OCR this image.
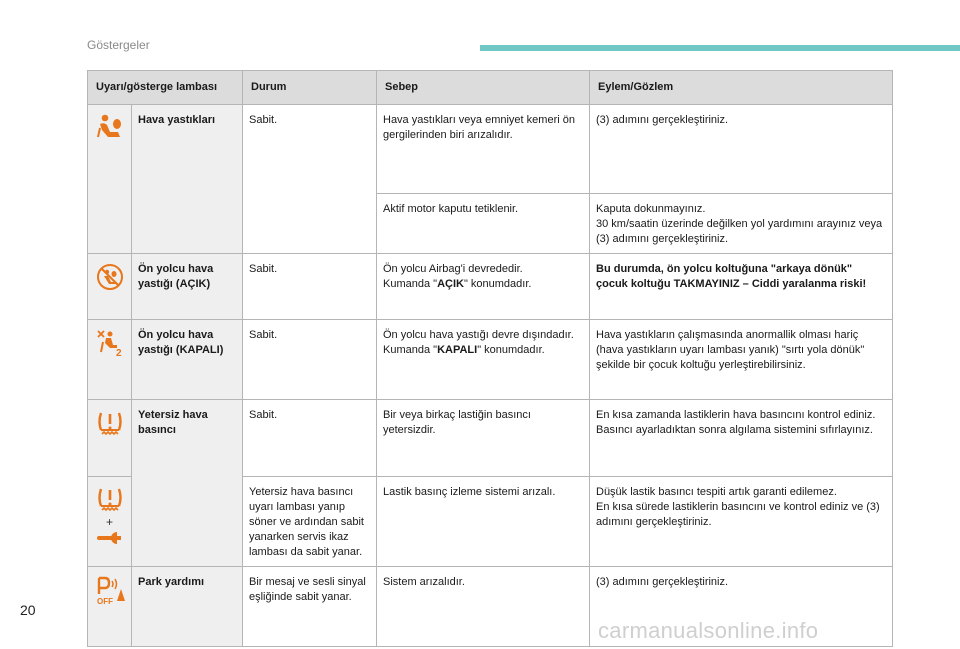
Göstergeler
Uyarı/gösterge lambası		Durum	Sebep	Eylem/Gözlem

	Hava yastıkları	Sabit.	Hava yastıkları veya emniyet kemeri ön gergilerinden biri arızalıdır.	(3) adımını gerçekleştiriniz.
			Aktif motor kaputu tetiklenir.	Kaputa dokunmayınız.
30 km/saatin üzerinde değilken yol yardımını arayınız veya (3) adımını gerçekleştiriniz.

	Ön yolcu hava yastığı (AÇIK)	Sabit.	Ön yolcu Airbag'i devrededir.
Kumanda "AÇIK" konumdadır.	Bu durumda, ön yolcu koltuğuna "arkaya dönük" çocuk koltuğu TAKMAYINIZ – Ciddi yaralanma riski!

2	Ön yolcu hava yastığı (KAPALI)	Sabit.	Ön yolcu hava yastığı devre dışındadır.
Kumanda "KAPALI" konumdadır.	Hava yastıkların çalışmasında anormallik olması hariç (hava yastıkların uyarı lambası yanık) "sırtı yola dönük" şekilde bir çocuk koltuğu yerleştirebilirsiniz.

	Yetersiz hava basıncı	Sabit.	Bir veya birkaç lastiğin basıncı yetersizdir.	En kısa zamanda lastiklerin hava basıncını kontrol ediniz.
Basıncı ayarladıktan sonra algılama sistemini sıfırlayınız.

+		Yetersiz hava basıncı uyarı lambası yanıp söner ve ardından sabit yanarken servis ikaz lambası da sabit yanar.	Lastik basınç izleme sistemi arızalı.	Düşük lastik basıncı tespiti artık garanti edilemez.
En kısa sürede lastiklerin basıncını ve kontrol ediniz ve (3) adımını gerçekleştiriniz.

OFF	Park yardımı	Bir mesaj ve sesli sinyal eşliğinde sabit yanar.	Sistem arızalıdır.	(3) adımını gerçekleştiriniz.
20
carmanualsonline.info
